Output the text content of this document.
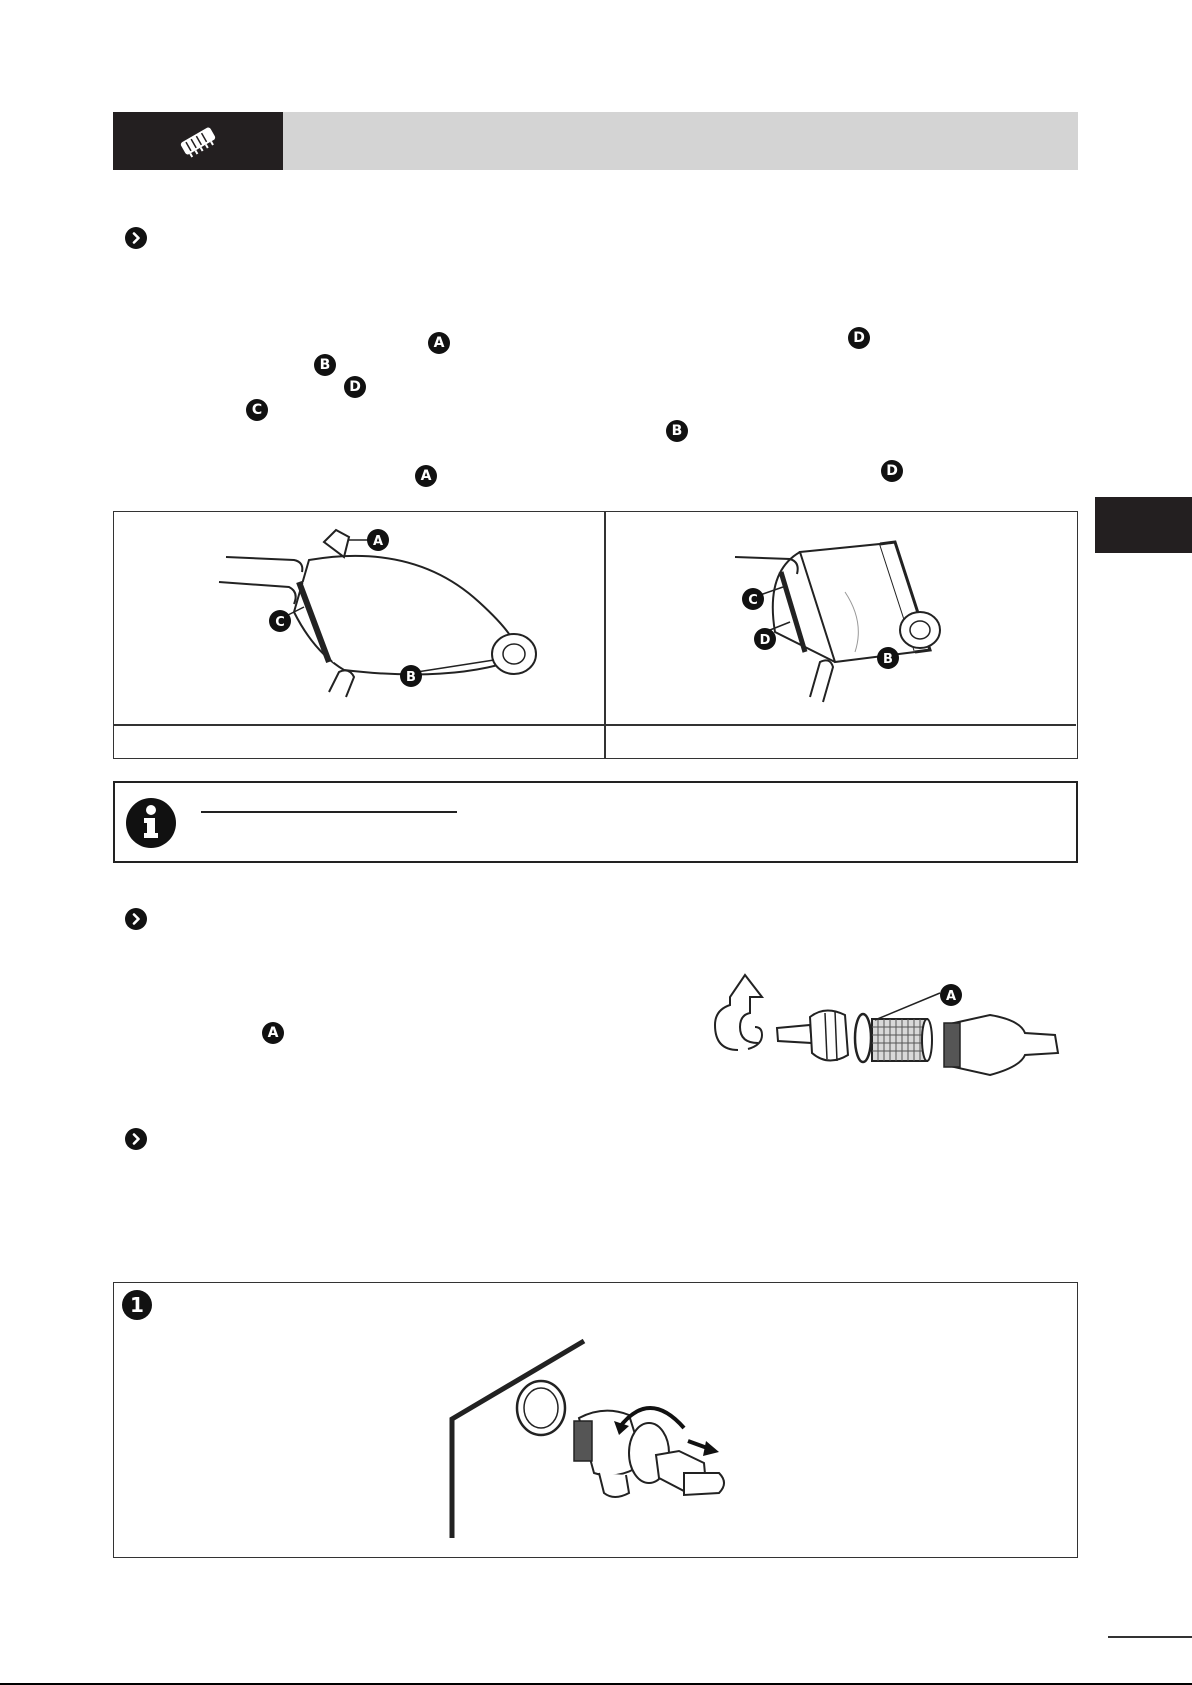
A	D
B
D
C
B
A	D
A
C
B
C
D
B
A
A
1
